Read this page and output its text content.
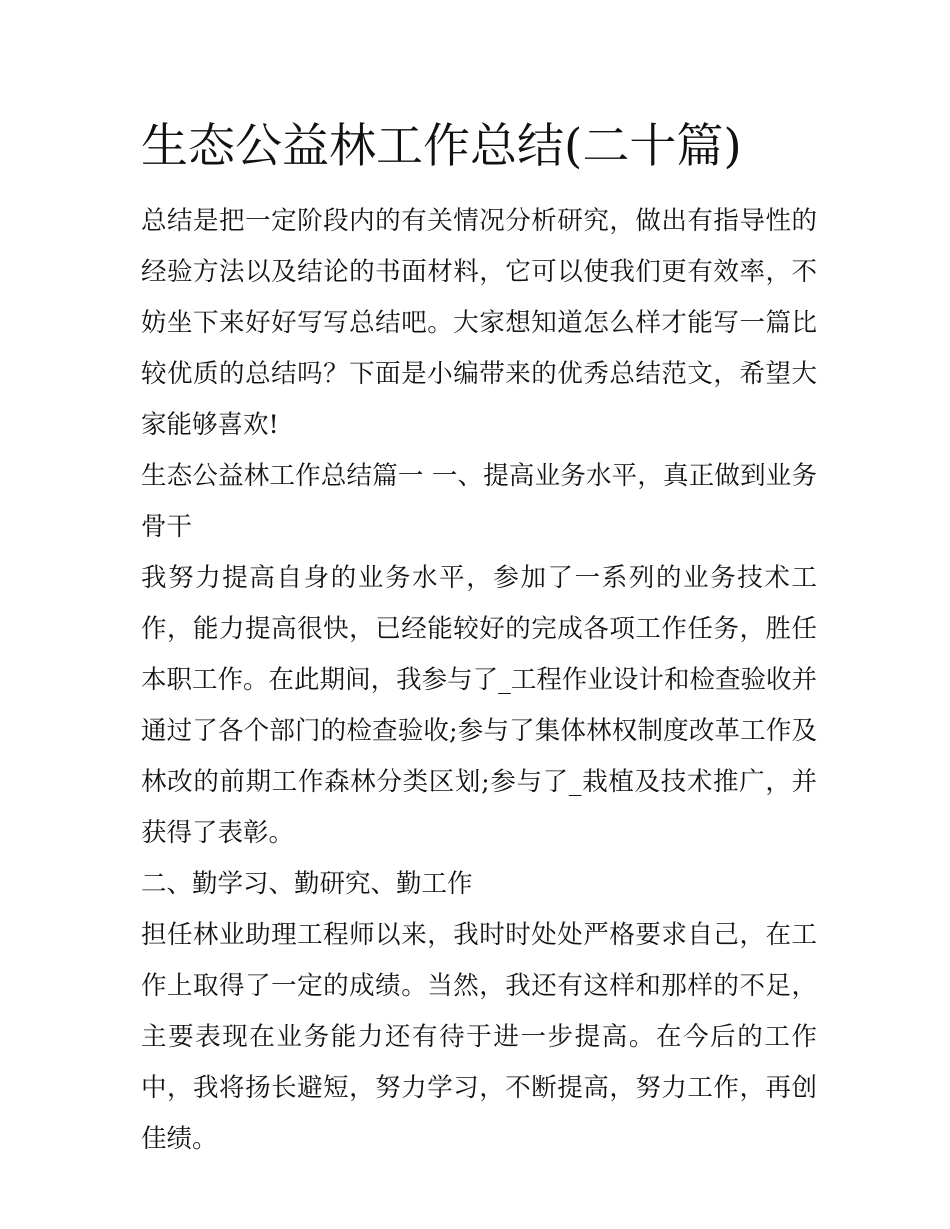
生态公益林工作总结(二十篇)

总结是把一定阶段内的有关情况分析研究，做出有指导性的经验方法以及结论的书面材料，它可以使我们更有效率，不妨坐下来好好写写总结吧。大家想知道怎么样才能写一篇比较优质的总结吗？下面是小编带来的优秀总结范文，希望大家能够喜欢!

生态公益林工作总结篇一 一、提高业务水平，真正做到业务骨干

我努力提高自身的业务水平，参加了一系列的业务技术工作，能力提高很快，已经能较好的完成各项工作任务，胜任本职工作。在此期间，我参与了_工程作业设计和检查验收并通过了各个部门的检查验收;参与了集体林权制度改革工作及林改的前期工作森林分类区划;参与了_栽植及技术推广，并获得了表彰。

二、勤学习、勤研究、勤工作

担任林业助理工程师以来，我时时处处严格要求自己，在工作上取得了一定的成绩。当然，我还有这样和那样的不足，主要表现在业务能力还有待于进一步提高。在今后的工作中，我将扬长避短，努力学习，不断提高，努力工作，再创佳绩。
